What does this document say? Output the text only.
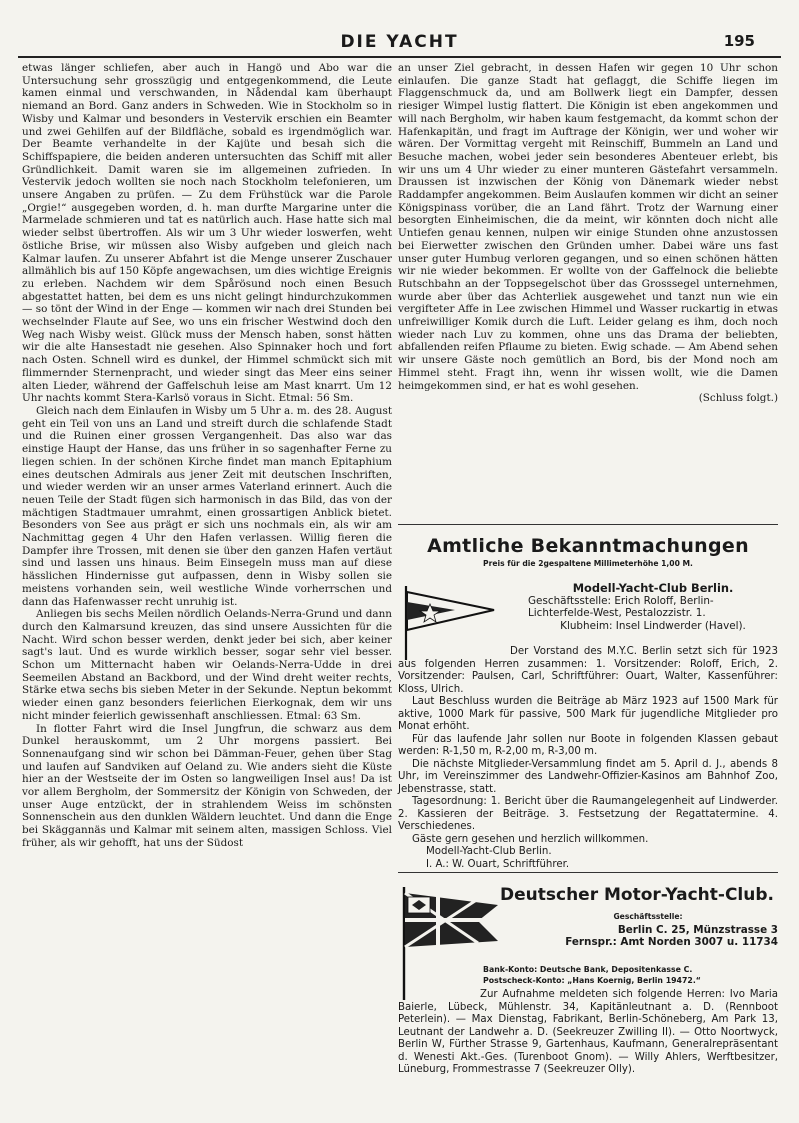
DIE YACHT	195

etwas länger schliefen, aber auch in Hangö und Abo war die Untersuchung sehr grosszügig und entgegenkommend, die Leute kamen einmal und verschwanden, in Nådendal kam überhaupt niemand an Bord. Ganz anders in Schweden. Wie in Stockholm so in Wisby und Kalmar und besonders in Vestervik erschien ein Beamter und zwei Gehilfen auf der Bildfläche, sobald es irgendmöglich war. Der Beamte verhandelte in der Kajüte und besah sich die Schiffspapiere, die beiden anderen untersuchten das Schiff mit aller Gründlichkeit. Damit waren sie im allgemeinen zufrieden. In Vestervik jedoch wollten sie noch nach Stockholm telefonieren, um unsere Angaben zu prüfen. — Zu dem Frühstück war die Parole „Orgie!“ ausgegeben worden, d. h. man durfte Margarine unter die Marmelade schmieren und tat es natürlich auch. Hase hatte sich mal wieder selbst übertroffen. Als wir um 3 Uhr wieder loswerfen, weht östliche Brise, wir müssen also Wisby aufgeben und gleich nach Kalmar laufen. Zu unserer Abfahrt ist die Menge unserer Zuschauer allmählich bis auf 150 Köpfe angewachsen, um dies wichtige Ereignis zu erleben. Nachdem wir dem Spårösund noch einen Besuch abgestattet hatten, bei dem es uns nicht gelingt hindurchzukommen — so tönt der Wind in der Enge — kommen wir nach drei Stunden bei wechselnder Flaute auf See, wo uns ein frischer Westwind doch den Weg nach Wisby weist. Glück muss der Mensch haben, sonst hätten wir die alte Hansestadt nie gesehen. Also Spinnaker hoch und fort nach Osten. Schnell wird es dunkel, der Himmel schmückt sich mit flimmernder Sternenpracht, und wieder singt das Meer eins seiner alten Lieder, während der Gaffelschuh leise am Mast knarrt. Um 12 Uhr nachts kommt Stera-Karlsö voraus in Sicht. Etmal: 56 Sm.

Gleich nach dem Einlaufen in Wisby um 5 Uhr a. m. des 28. August geht ein Teil von uns an Land und streift durch die schlafende Stadt und die Ruinen einer grossen Vergangenheit. Das also war das einstige Haupt der Hanse, das uns früher in so sagenhafter Ferne zu liegen schien. In der schönen Kirche findet man manch Epitaphium eines deutschen Admirals aus jener Zeit mit deutschen Inschriften, und wieder werden wir an unser armes Vaterland erinnert. Auch die neuen Teile der Stadt fügen sich harmonisch in das Bild, das von der mächtigen Stadtmauer umrahmt, einen grossartigen Anblick bietet. Besonders von See aus prägt er sich uns nochmals ein, als wir am Nachmittag gegen 4 Uhr den Hafen verlassen. Willig fieren die Dampfer ihre Trossen, mit denen sie über den ganzen Hafen vertäut sind und lassen uns hinaus. Beim Einsegeln muss man auf diese hässlichen Hindernisse gut aufpassen, denn in Wisby sollen sie meistens vorhanden sein, weil westliche Winde vorherrschen und dann das Hafenwasser recht unruhig ist.

Anliegen bis sechs Meilen nördlich Oelands-Nerra-Grund und dann durch den Kalmarsund kreuzen, das sind unsere Aussichten für die Nacht. Wird schon besser werden, denkt jeder bei sich, aber keiner sagt's laut. Und es wurde wirklich besser, sogar sehr viel besser. Schon um Mitternacht haben wir Oelands-Nerra-Udde in drei Seemeilen Abstand an Backbord, und der Wind dreht weiter rechts, Stärke etwa sechs bis sieben Meter in der Sekunde. Neptun bekommt wieder einen ganz besonders feierlichen Eierkognak, dem wir uns nicht minder feierlich gewissenhaft anschliessen. Etmal: 63 Sm.

In flotter Fahrt wird die Insel Jungfrun, die schwarz aus dem Dunkel herauskommt, um 2 Uhr morgens passiert. Bei Sonnenaufgang sind wir schon bei Dämman-Feuer, gehen über Stag und laufen auf Sandviken auf Oeland zu. Wie anders sieht die Küste hier an der Westseite der im Osten so langweiligen Insel aus! Da ist vor allem Bergholm, der Sommersitz der Königin von Schweden, der unser Auge entzückt, der in strahlendem Weiss im schönsten Sonnenschein aus den dunklen Wäldern leuchtet. Und dann die Enge bei Skäggannäs und Kalmar mit seinem alten, massigen Schloss. Viel früher, als wir gehofft, hat uns der Südost

an unser Ziel gebracht, in dessen Hafen wir gegen 10 Uhr schon einlaufen. Die ganze Stadt hat geflaggt, die Schiffe liegen im Flaggenschmuck da, und am Bollwerk liegt ein Dampfer, dessen riesiger Wimpel lustig flattert. Die Königin ist eben angekommen und will nach Bergholm, wir haben kaum festgemacht, da kommt schon der Hafenkapitän, und fragt im Auftrage der Königin, wer und woher wir wären. Der Vormittag vergeht mit Reinschiff, Bummeln an Land und Besuche machen, wobei jeder sein besonderes Abenteuer erlebt, bis wir uns um 4 Uhr wieder zu einer munteren Gästefahrt versammeln. Draussen ist inzwischen der König von Dänemark wieder nebst Raddampfer angekommen. Beim Auslaufen kommen wir dicht an seiner Königspinass vorüber, die an Land fährt. Trotz der Warnung einer besorgten Einheimischen, die da meint, wir könnten doch nicht alle Untiefen genau kennen, nulpen wir einige Stunden ohne anzustossen bei Eierwetter zwischen den Gründen umher. Dabei wäre uns fast unser guter Humbug verloren gegangen, und so einen schönen hätten wir nie wieder bekommen. Er wollte von der Gaffelnock die beliebte Rutschbahn an der Toppsegelschot über das Grosssegel unternehmen, wurde aber über das Achterliek ausgewehet und tanzt nun wie ein vergifteter Affe in Lee zwischen Himmel und Wasser ruckartig in etwas unfreiwilliger Komik durch die Luft. Leider gelang es ihm, doch noch wieder nach Luv zu kommen, ohne uns das Drama der beliebten, abfallenden reifen Pflaume zu bieten. Ewig schade. — Am Abend sehen wir unsere Gäste noch gemütlich an Bord, bis der Mond noch am Himmel steht. Fragt ihn, wenn ihr wissen wollt, wie die Damen heimgekommen sind, er hat es wohl gesehen.

(Schluss folgt.)
Amtliche Bekanntmachungen
Preis für die 2gespaltene Millimeterhöhe 1,00 M.
Modell-Yacht-Club Berlin.
Geschäftsstelle: Erich Roloff, Berlin-Lichterfelde-West, Pestalozzistr. 1.
Klubheim: Insel Lindwerder (Havel).

Der Vorstand des M.Y.C. Berlin setzt sich für 1923 aus folgenden Herren zusammen: 1. Vorsitzender: Roloff, Erich, 2. Vorsitzender: Paulsen, Carl, Schriftführer: Ouart, Walter, Kassenführer: Kloss, Ulrich.

Laut Beschluss wurden die Beiträge ab März 1923 auf 1500 Mark für aktive, 1000 Mark für passive, 500 Mark für jugendliche Mitglieder pro Monat erhöht.

Für das laufende Jahr sollen nur Boote in folgenden Klassen gebaut werden: R-1,50 m, R-2,00 m, R-3,00 m.

Die nächste Mitglieder-Versammlung findet am 5. April d. J., abends 8 Uhr, im Vereinszimmer des Landwehr-Offizier-Kasinos am Bahnhof Zoo, Jebenstrasse, statt.

Tagesordnung: 1. Bericht über die Raumangelegenheit auf Lindwerder. 2. Kassieren der Beiträge. 3. Festsetzung der Regattatermine. 4. Verschiedenes.

Gäste gern gesehen und herzlich willkommen.

Modell-Yacht-Club Berlin.

I. A.: W. Ouart, Schriftführer.

Deutscher Motor-Yacht-Club.
Geschäftsstelle:
Berlin C. 25, Münzstrasse 3
Fernspr.: Amt Norden 3007 u. 11734
Bank-Konto: Deutsche Bank, Depositenkasse C.
Postscheck-Konto: „Hans Koernig, Berlin 19472.“

Zur Aufnahme meldeten sich folgende Herren: Ivo Maria Baierle, Lübeck, Mühlenstr. 34, Kapitänleutnant a. D. (Rennboot Peterlein). — Max Dienstag, Fabrikant, Berlin-Schöneberg, Am Park 13, Leutnant der Landwehr a. D. (Seekreuzer Zwilling II). — Otto Noortwyck, Berlin W, Fürther Strasse 9, Gartenhaus, Kaufmann, Generalrepräsentant d. Wenesti Akt.-Ges. (Turenboot Gnom). — Willy Ahlers, Werftbesitzer, Lüneburg, Frommestrasse 7 (Seekreuzer Olly).
